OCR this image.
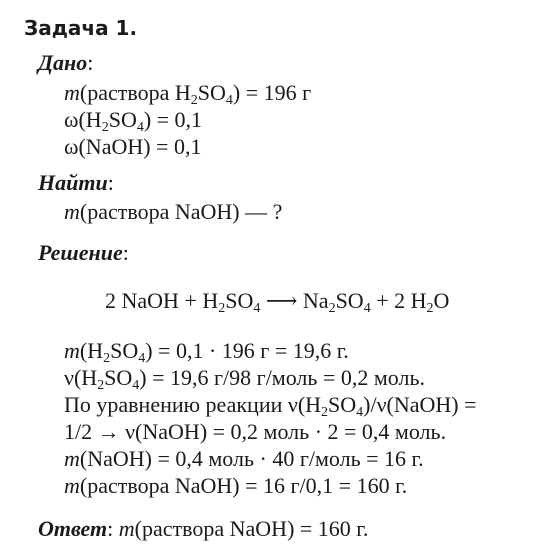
Задача 1.
Дано:
m(раствора $H_2SO_4) = 196$ г
$\omega(H_2SO_4) = 0,1$
ω(NaOH) = 0,1
Найти:
m(раствора NaOH) — ?
Решение:
2 NaOH + $H_2SO_4$ ⟶ $Na_2SO_4 + 2$ $H_2O$
$m(H_2SO_4) = 0,1 \cdot 196$ г = 19,6 г.
$\nu(H_2SO_4) = 19,6$ г/98 г/моль = 0,2 моль.
По уравнению реакции $\nu(H_2SO_4)/\nu(NaOH)$ =
1/2 → ν(NaOH) = 0,2 моль · 2 = 0,4 моль.
m(NaOH) = 0,4 моль · 40 г/моль = 16 г.
m(раствора NaOH) = 16 г/0,1 = 160 г.
Ответ: m(раствора NaOH) = 160 г.
